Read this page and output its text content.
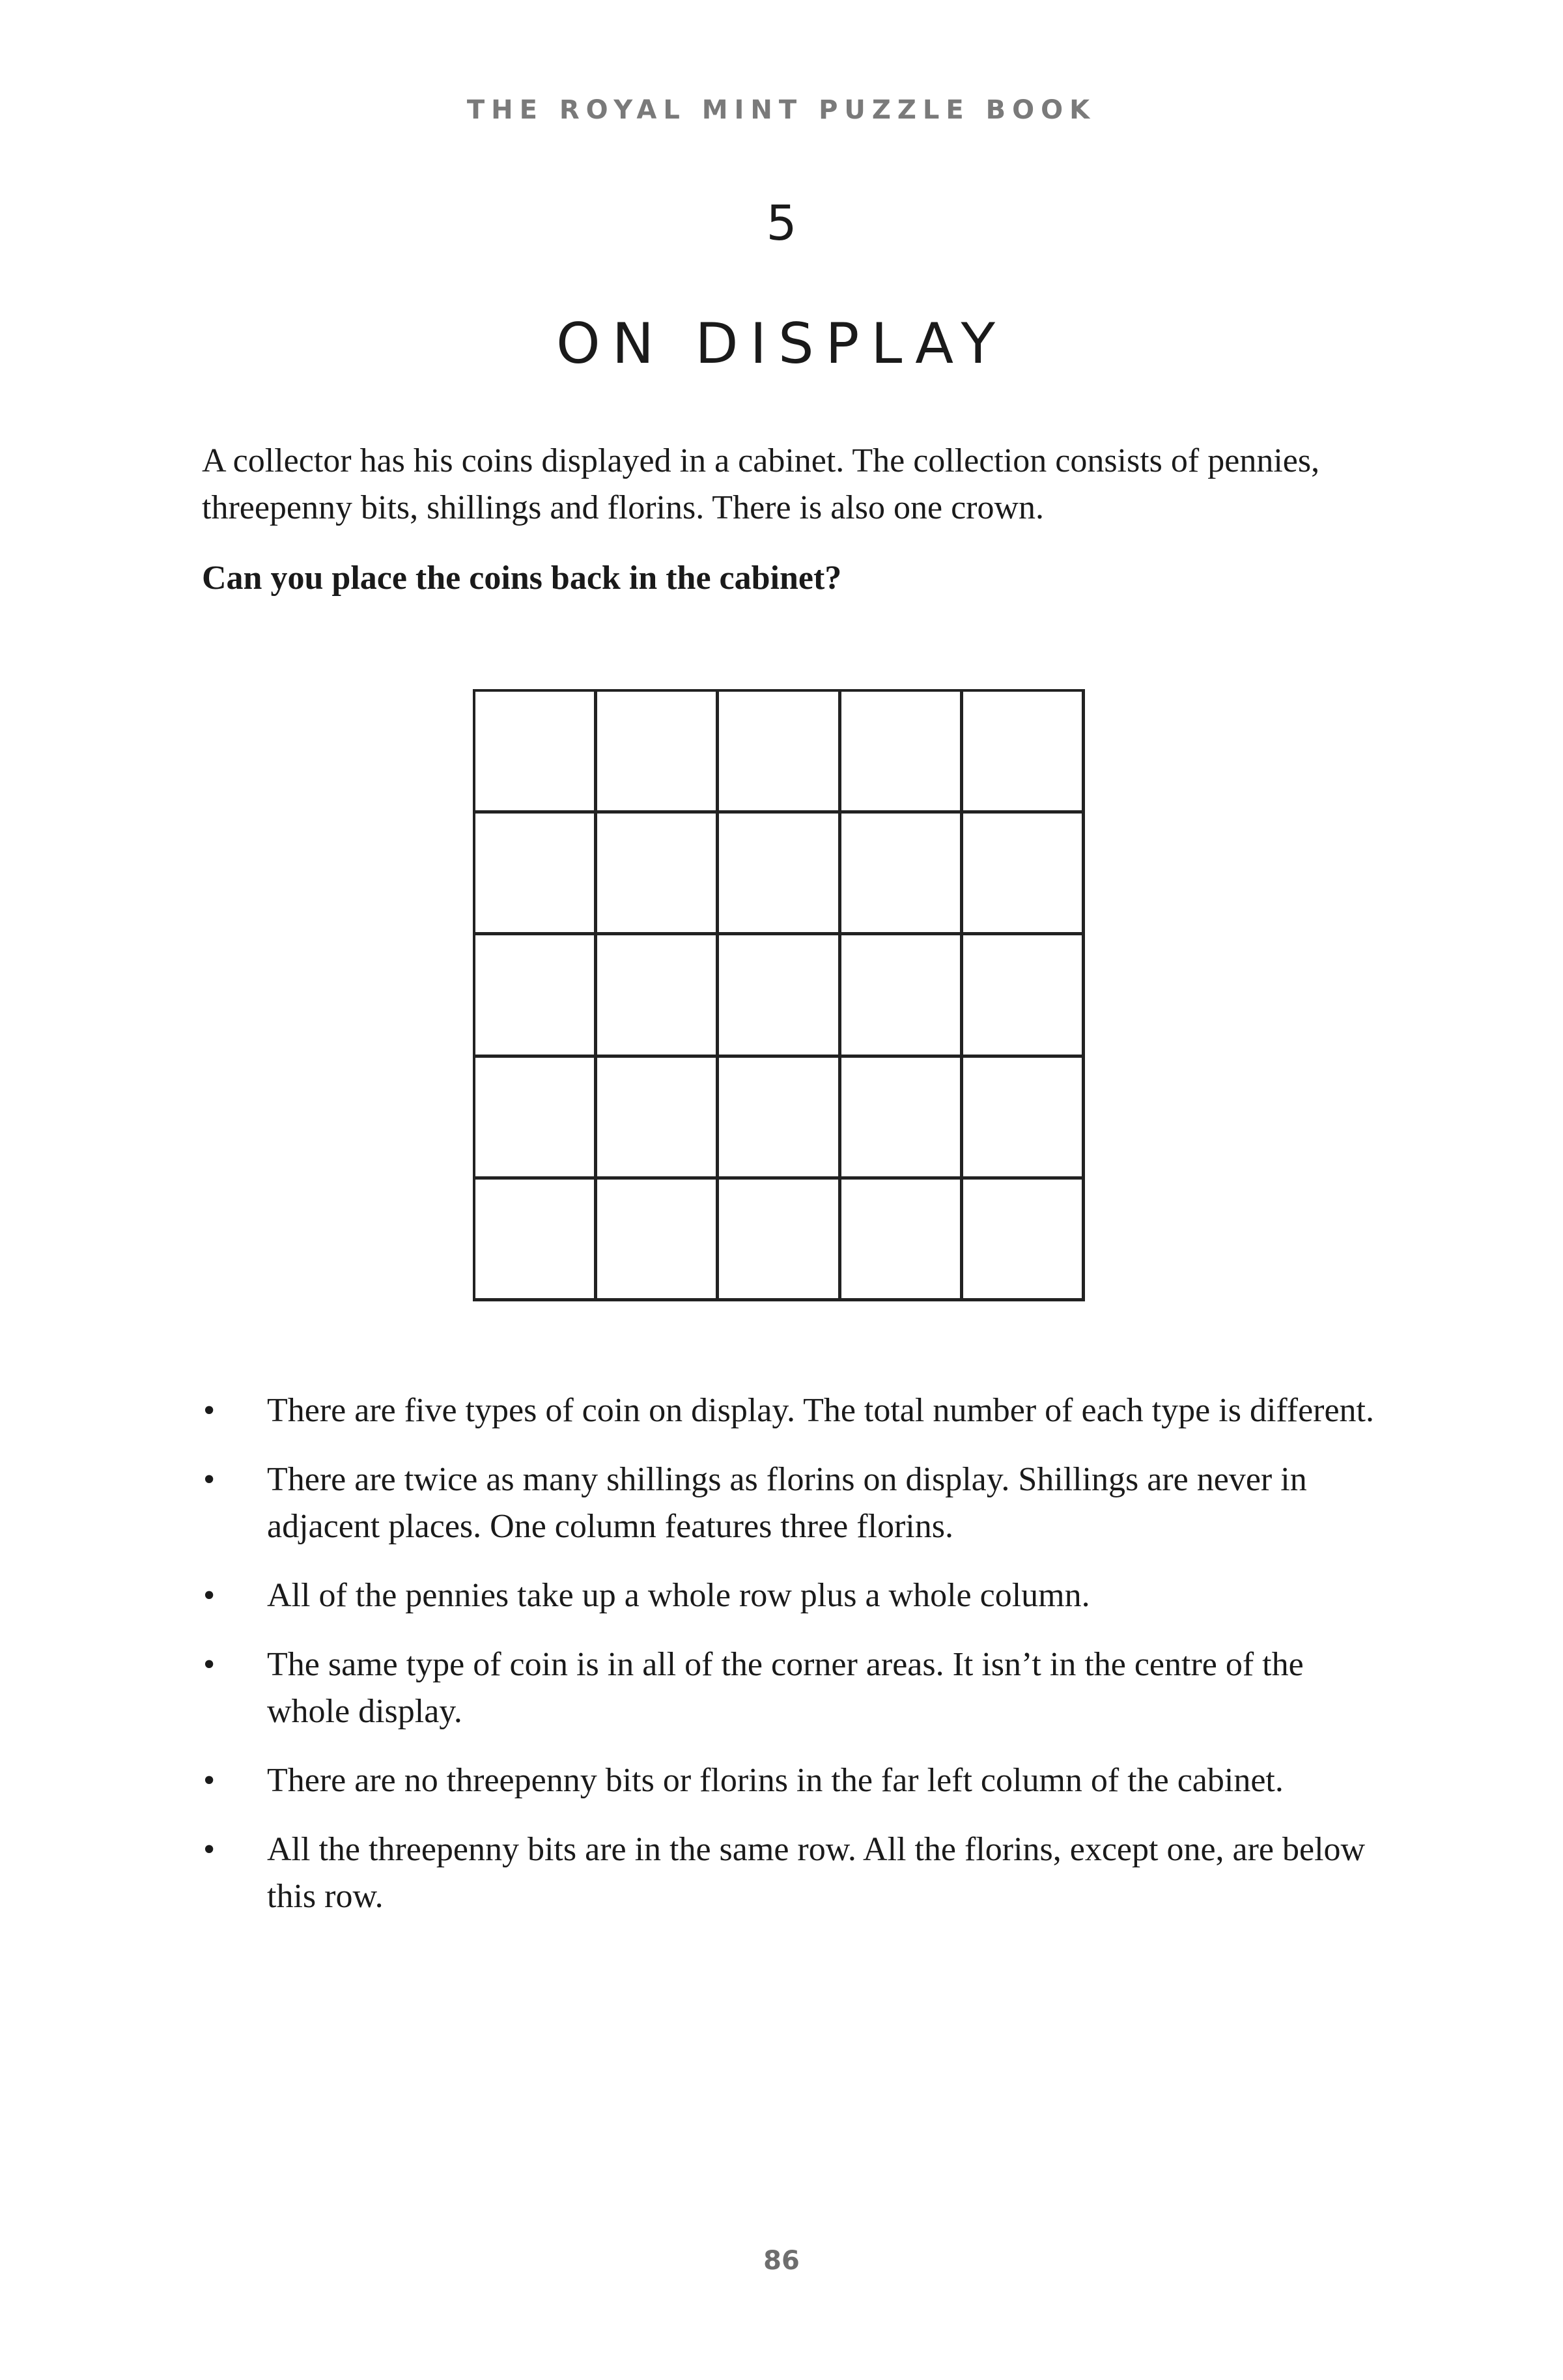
THE ROYAL MINT PUZZLE BOOK
5
ON DISPLAY

A collector has his coins displayed in a cabinet. The collection consists of pennies, threepenny bits, shillings and florins. There is also one crown.

Can you place the coins back in the cabinet?

• There are five types of coin on display. The total number of each type is different.
• There are twice as many shillings as florins on display. Shillings are never in adjacent places. One column features three florins.
• All of the pennies take up a whole row plus a whole column.
• The same type of coin is in all of the corner areas. It isn’t in the centre of the whole display.
• There are no threepenny bits or florins in the far left column of the cabinet.
• All the threepenny bits are in the same row. All the florins, except one, are below this row.
86
